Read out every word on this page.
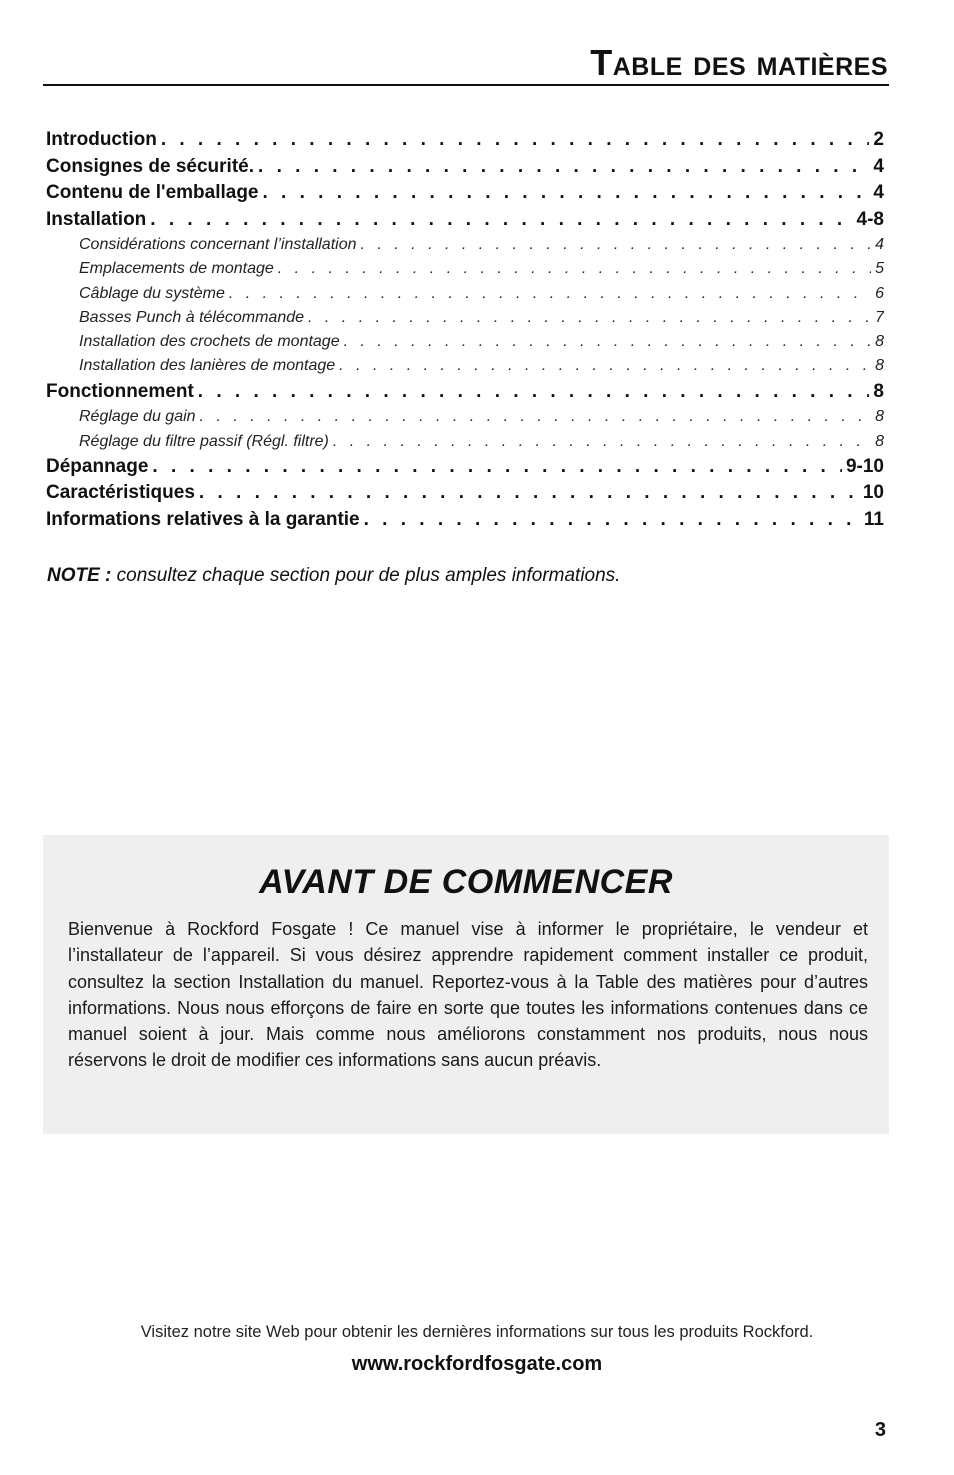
Table des matières
Introduction . . .	2
Consignes de sécurité. . . .	4
Contenu de l'emballage . . .	4
Installation . . .	4-8
Considérations concernant l’installation . . .	4
Emplacements de montage . . .	5
Câblage du système . . .	6
Basses Punch à télécommande . . .	7
Installation des crochets de montage . . .	8
Installation des lanières de montage . . .	8
Fonctionnement . . .	8
Réglage du gain . . .	8
Réglage du filtre passif (Régl. filtre) . . .	8
Dépannage . . .	9-10
Caractéristiques . . .	10
Informations relatives à la garantie . . .	11
NOTE : consultez chaque section pour de plus amples informations.
AVANT DE COMMENCER
Bienvenue à Rockford Fosgate ! Ce manuel vise à informer le propriétaire, le vendeur et l’installateur de l’appareil. Si vous désirez apprendre rapidement comment installer ce produit, consultez la section Installation du manuel. Reportez-vous à la Table des matières pour d’autres informations. Nous nous efforçons de faire en sorte que toutes les informations contenues dans ce manuel soient à jour. Mais comme nous améliorons constamment nos produits, nous nous réservons le droit de modifier ces informations sans aucun préavis.
Visitez notre site Web pour obtenir les dernières informations sur tous les produits Rockford.
www.rockfordfosgate.com
3
